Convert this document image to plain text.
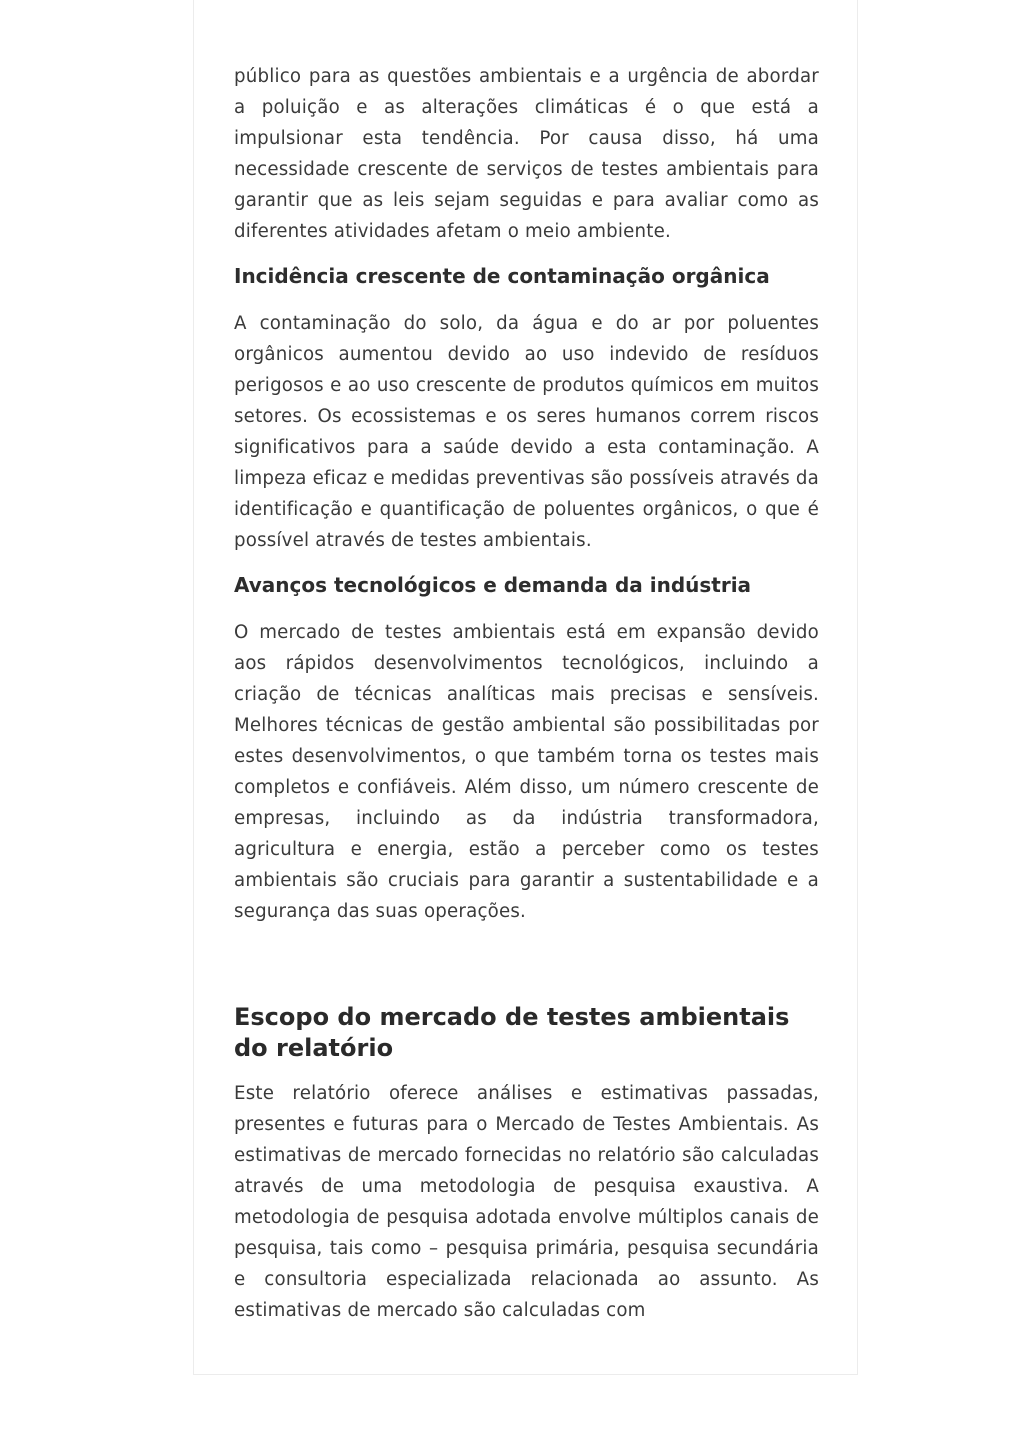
público para as questões ambientais e a urgência de abordar a poluição e as alterações climáticas é o que está a impulsionar esta tendência. Por causa disso, há uma necessidade crescente de serviços de testes ambientais para garantir que as leis sejam seguidas e para avaliar como as diferentes atividades afetam o meio ambiente.

Incidência crescente de contaminação orgânica

A contaminação do solo, da água e do ar por poluentes orgânicos aumentou devido ao uso indevido de resíduos perigosos e ao uso crescente de produtos químicos em muitos setores. Os ecossistemas e os seres humanos correm riscos significativos para a saúde devido a esta contaminação. A limpeza eficaz e medidas preventivas são possíveis através da identificação e quantificação de poluentes orgânicos, o que é possível através de testes ambientais.

Avanços tecnológicos e demanda da indústria

O mercado de testes ambientais está em expansão devido aos rápidos desenvolvimentos tecnológicos, incluindo a criação de técnicas analíticas mais precisas e sensíveis. Melhores técnicas de gestão ambiental são possibilitadas por estes desenvolvimentos, o que também torna os testes mais completos e confiáveis. Além disso, um número crescente de empresas, incluindo as da indústria transformadora, agricultura e energia, estão a perceber como os testes ambientais são cruciais para garantir a sustentabilidade e a segurança das suas operações.

Escopo do mercado de testes ambientais do relatório

Este relatório oferece análises e estimativas passadas, presentes e futuras para o Mercado de Testes Ambientais. As estimativas de mercado fornecidas no relatório são calculadas através de uma metodologia de pesquisa exaustiva. A metodologia de pesquisa adotada envolve múltiplos canais de pesquisa, tais como – pesquisa primária, pesquisa secundária e consultoria especializada relacionada ao assunto. As estimativas de mercado são calculadas com
